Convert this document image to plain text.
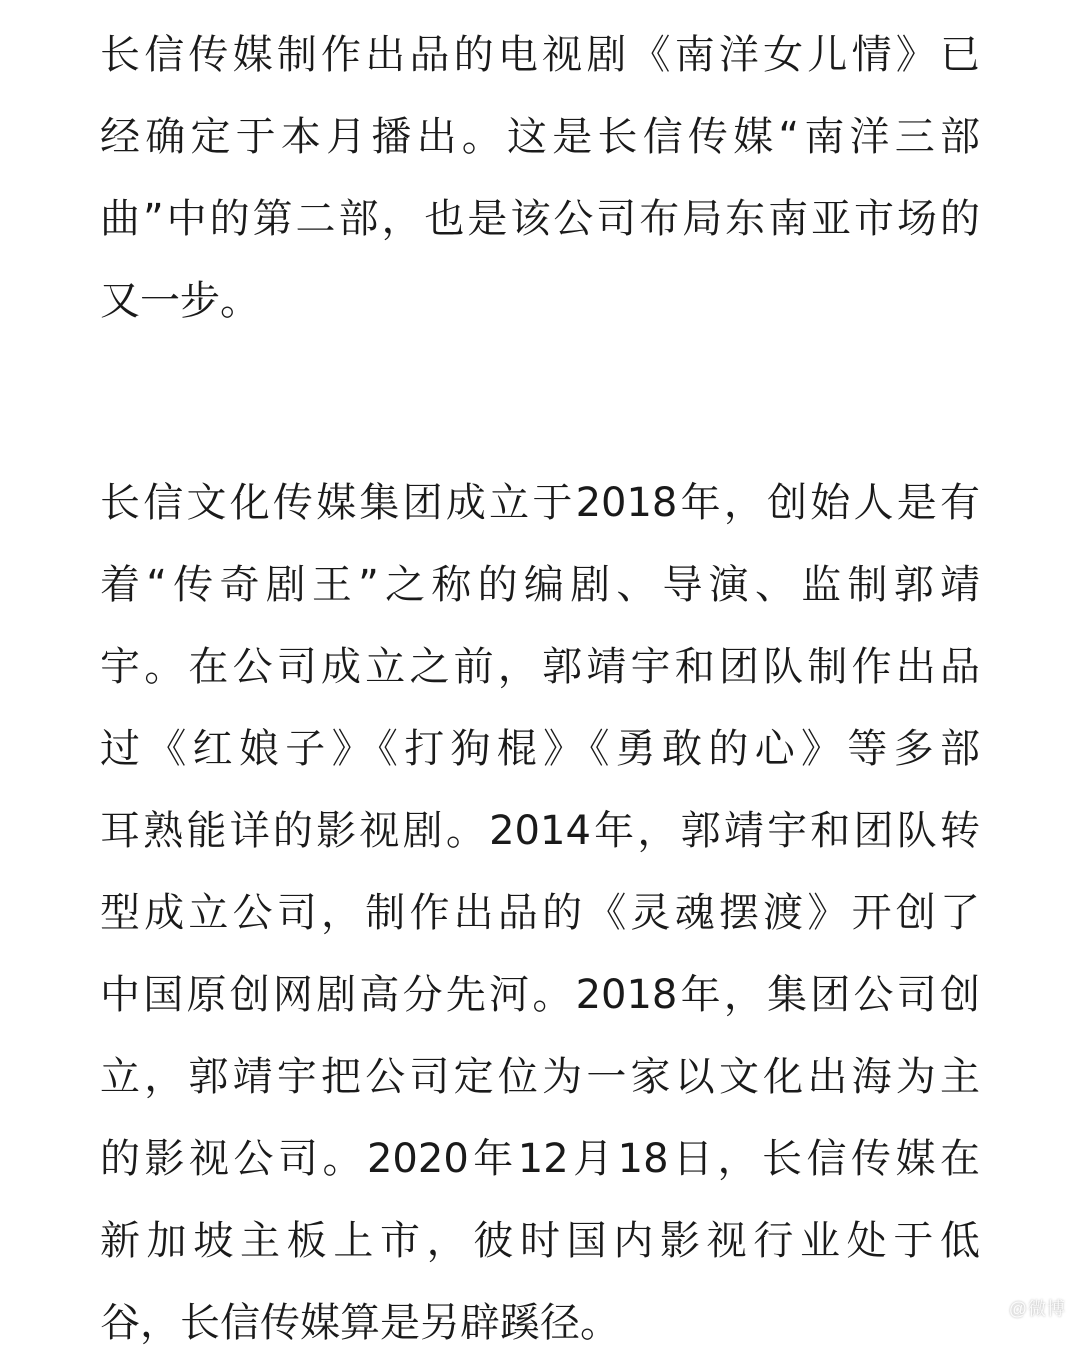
长信传媒制作出品的电视剧《南洋女儿情》已
经确定于本月播出。这是长信传媒“南洋三部
曲”中的第二部，也是该公司布局东南亚市场的
又一步。
长信文化传媒集团成立于2018年，创始人是有
着“传奇剧王”之称的编剧、导演、监制郭靖
宇。在公司成立之前，郭靖宇和团队制作出品
过《红娘子》《打狗棍》《勇敢的心》等多部
耳熟能详的影视剧。2014年，郭靖宇和团队转
型成立公司，制作出品的《灵魂摆渡》开创了
中国原创网剧高分先河。2018年，集团公司创
立，郭靖宇把公司定位为一家以文化出海为主
的影视公司。2020年12月18日，长信传媒在
新加坡主板上市，彼时国内影视行业处于低
谷，长信传媒算是另辟蹊径。	@微博
